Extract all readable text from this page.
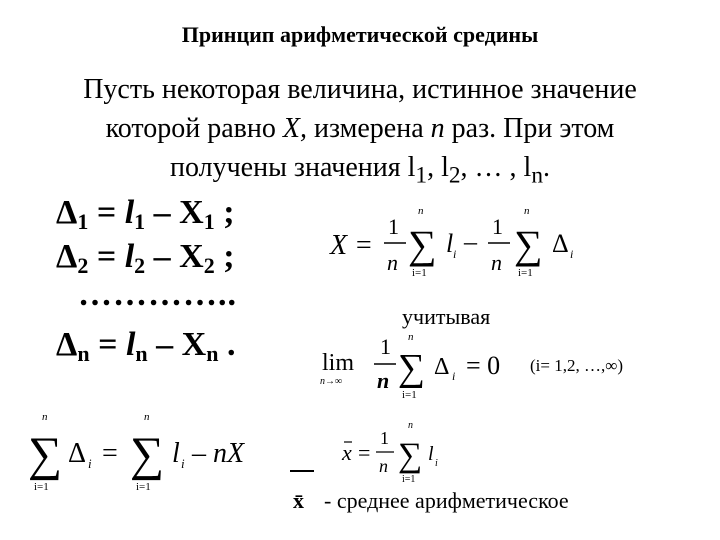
Принцип арифметической средины
Пусть некоторая величина, истинное значение
которой равно X, измерена n раз. При этом
получены значения $l_1$, $l_2$, … , $l_n$.
$\Delta_1 = l_1 - X_1$ ;
$\Delta_2 = l_2 - X_2$ ;
…………..
$\Delta_n = l_n - X_n$ .
X =
1
n
n
∑
i=1
l i –
1
n
n
∑
i=1
Δ i
учитывая
lim
n→∞
1
n
n
∑
i=1
Δ i = 0 (i= 1,2, …,∞)
n
∑
i=1
Δ i =
n
∑
i=1
l i – nX	x =
1
n
n
∑
i=1
l i
x̄ - среднее арифметическое
